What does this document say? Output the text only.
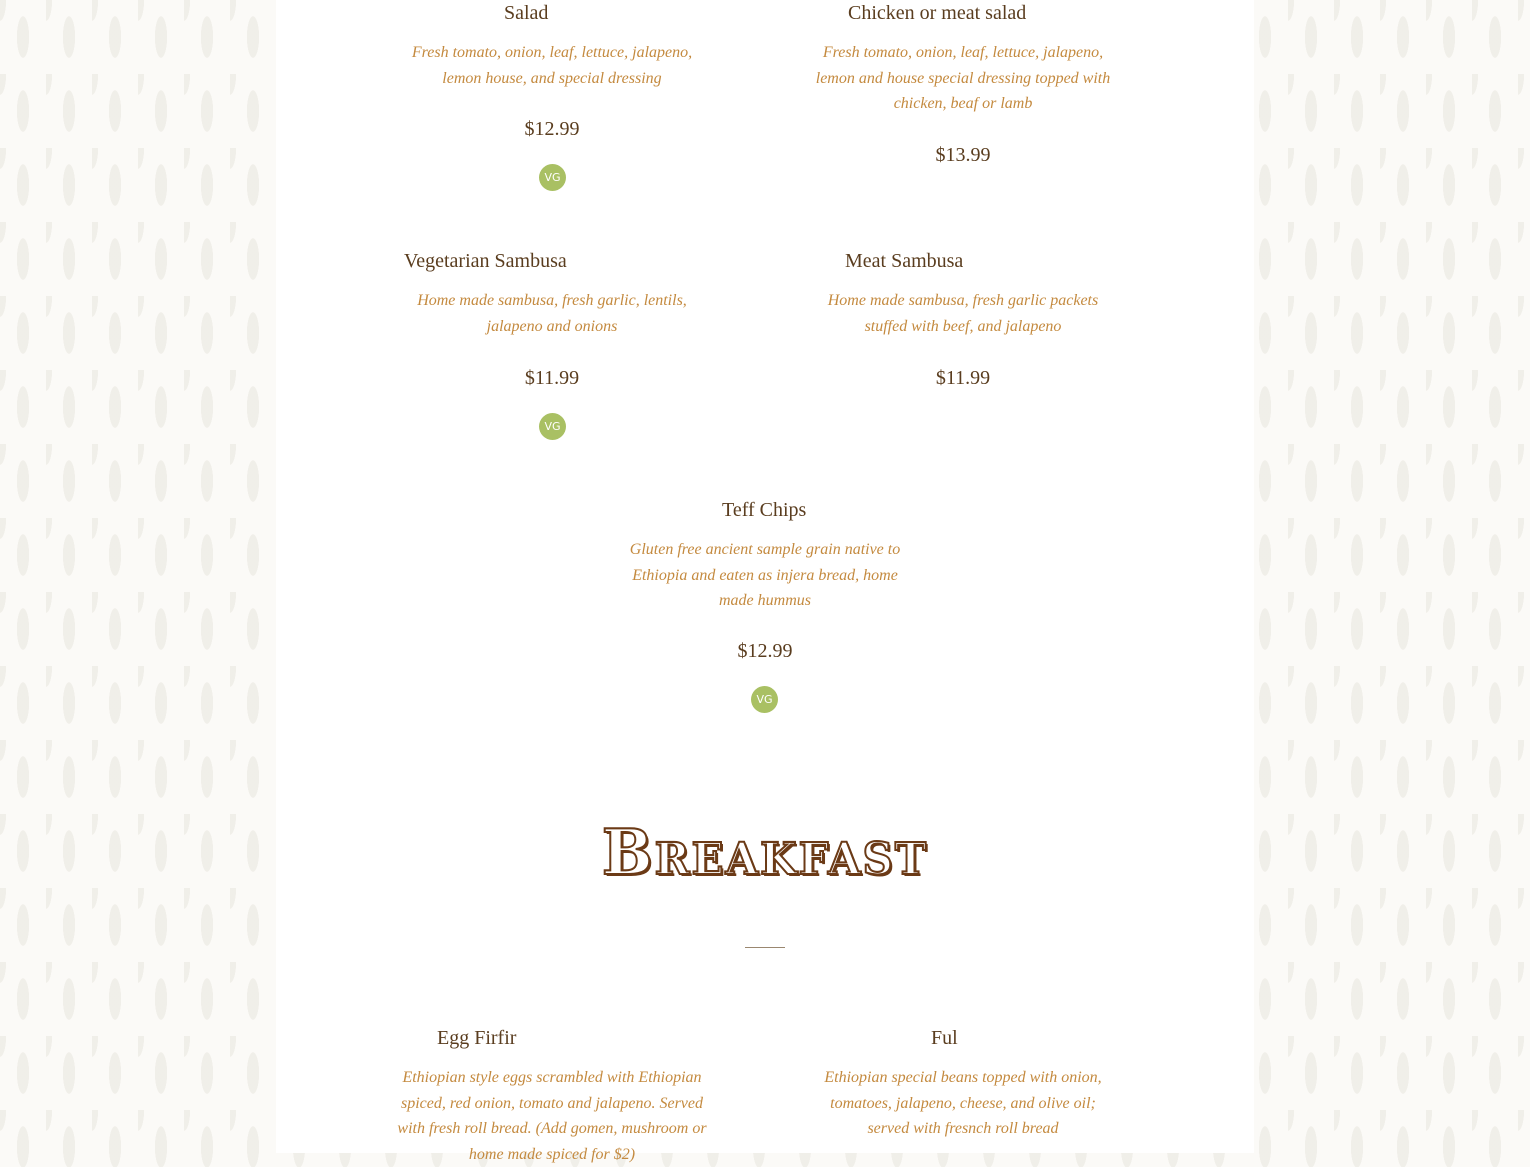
Salad
Fresh tomato, onion, leaf, lettuce, jalapeno, lemon house, and special dressing
$12.99
VG
Chicken or meat salad
Fresh tomato, onion, leaf, lettuce, jalapeno, lemon and house special dressing topped with chicken, beaf or lamb
$13.99
Vegetarian Sambusa
Home made sambusa, fresh garlic, lentils, jalapeno and onions
$11.99
VG
Meat Sambusa
Home made sambusa, fresh garlic packets stuffed with beef, and jalapeno
$11.99
Teff Chips
Gluten free ancient sample grain native to Ethiopia and eaten as injera bread, home made hummus
$12.99
VG
Breakfast
Egg Firfir
Ethiopian style eggs scrambled with Ethiopian spiced, red onion, tomato and jalapeno. Served with fresh roll bread. (Add gomen, mushroom or home made spiced for $2)
Ful
Ethiopian special beans topped with onion, tomatoes, jalapeno, cheese, and olive oil; served with fresnch roll bread
